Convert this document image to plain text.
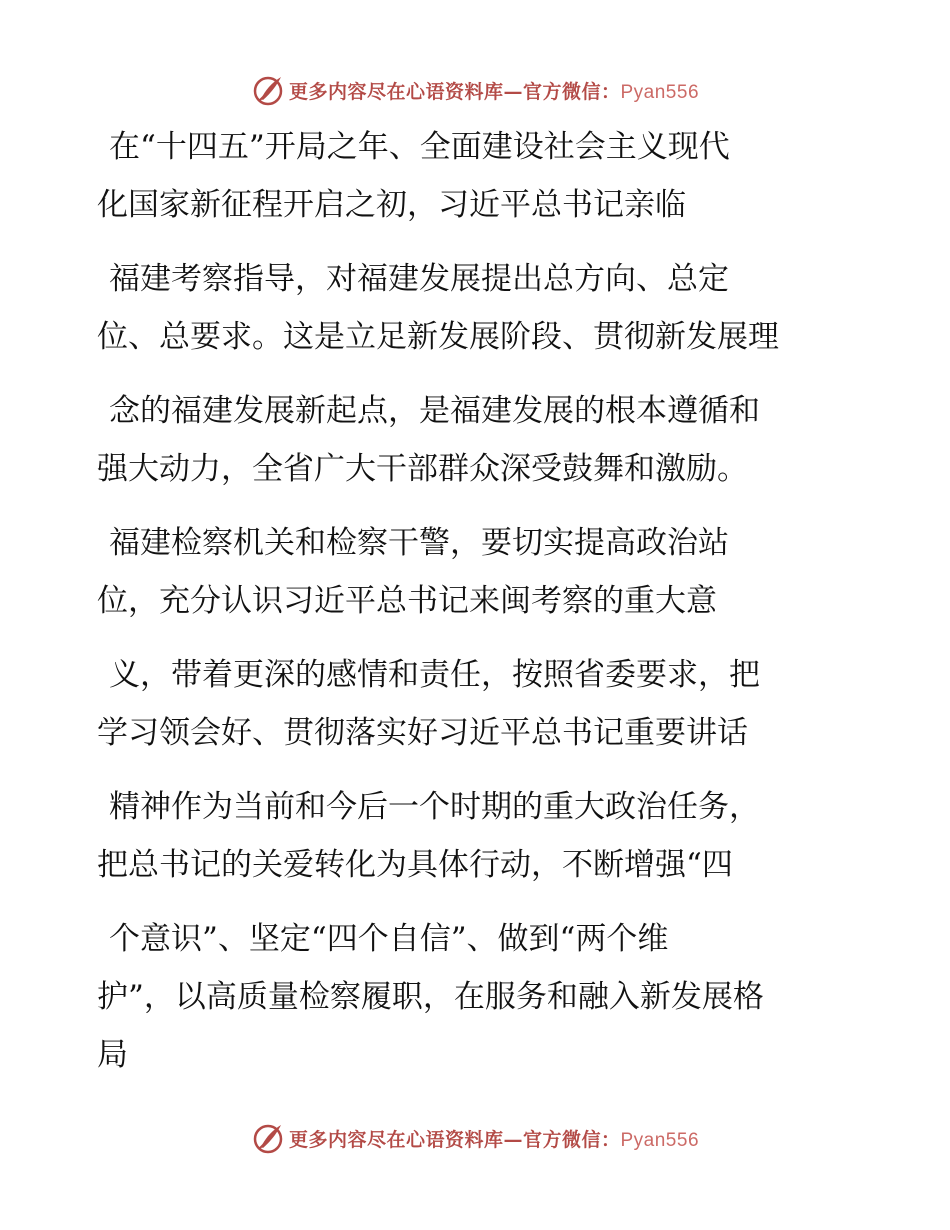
更多内容尽在心语资料库—官方微信：Pyan556
在“十四五”开局之年、全面建设社会主义现代
化国家新征程开启之初，习近平总书记亲临
福建考察指导，对福建发展提出总方向、总定
位、总要求。这是立足新发展阶段、贯彻新发展理
念的福建发展新起点，是福建发展的根本遵循和
强大动力，全省广大干部群众深受鼓舞和激励。
福建检察机关和检察干警，要切实提高政治站
位，充分认识习近平总书记来闽考察的重大意
义，带着更深的感情和责任，按照省委要求，把
学习领会好、贯彻落实好习近平总书记重要讲话
精神作为当前和今后一个时期的重大政治任务，
把总书记的关爱转化为具体行动，不断增强“四
个意识”、坚定“四个自信”、做到“两个维
护”，以高质量检察履职，在服务和融入新发展格
局
更多内容尽在心语资料库—官方微信：Pyan556
